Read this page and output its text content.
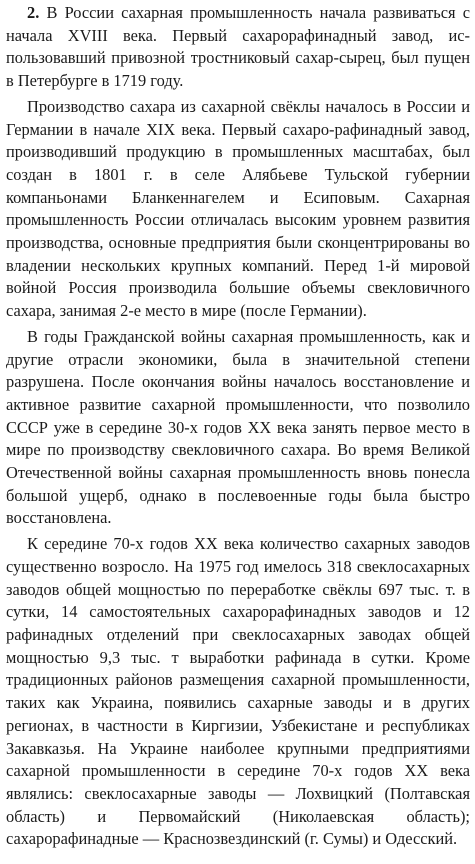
2. В России сахарная промышленность начала развиваться с начала XVIII века. Первый сахарорафинадный завод, использовавший привозной тростниковый сахар-сырец, был пущен в Петербурге в 1719 году.

Производство сахара из сахарной свёклы началось в России и Германии в начале XIX века. Первый сахаро-рафинадный завод, производивший продукцию в промышленных масштабах, был создан в 1801 г. в селе Алябьеве Тульской губернии компаньонами Бланкеннагелем и Есиповым. Сахарная промышленность России отличалась высоким уровнем развития производства, основные предприятия были сконцентрированы во владении нескольких крупных компаний. Перед 1-й мировой войной Россия производила большие объемы свекловичного сахара, занимая 2-е место в мире (после Германии).

В годы Гражданской войны сахарная промышленность, как и другие отрасли экономики, была в значительной степени разрушена. После окончания войны началось восстановление и активное развитие сахарной промышленности, что позволило СССР уже в середине 30-х годов XX века занять первое место в мире по производству свекловичного сахара. Во время Великой Отечественной войны сахарная промышленность вновь понесла большой ущерб, однако в послевоенные годы была быстро восстановлена.

К середине 70-х годов XX века количество сахарных заводов существенно возросло. На 1975 год имелось 318 свеклосахарных заводов общей мощностью по переработке свёклы 697 тыс. т. в сутки, 14 самостоятельных сахарорафинадных заводов и 12 рафинадных отделений при свеклосахарных заводах общей мощностью 9,3 тыс. т выработки рафинада в сутки. Кроме традиционных районов размещения сахарной промышленности, таких как Украина, появились сахарные заводы и в других регионах, в частности в Киргизии, Узбекистане и республиках Закавказья. На Украине наиболее крупными предприятиями сахарной промышленности в середине 70-х годов XX века являлись: свеклосахарные заводы — Лохвицкий (Полтавская область) и Первомайский (Николаевская область); сахарорафинадные — Краснозвездинский (г. Сумы) и Одесский.
